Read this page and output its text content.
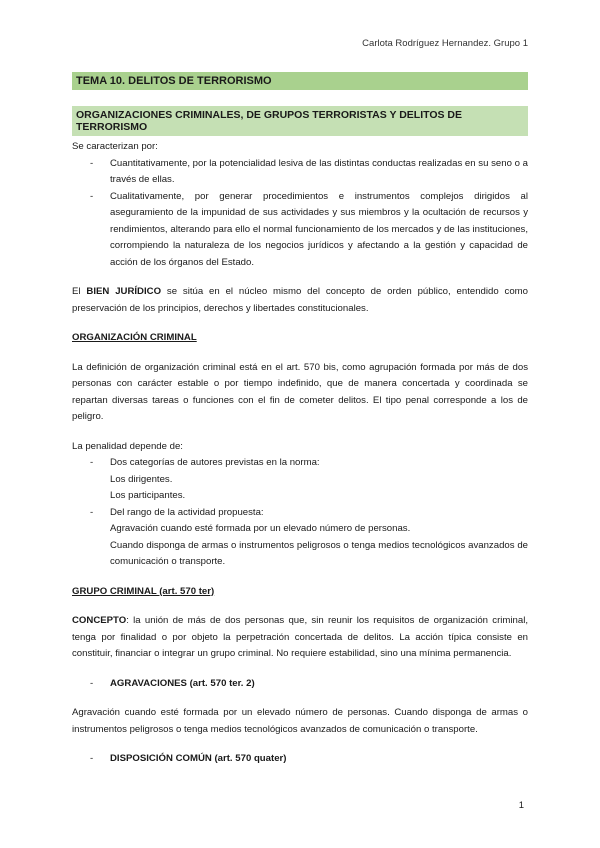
Carlota Rodríguez Hernandez. Grupo 1
TEMA 10. DELITOS DE TERRORISMO
ORGANIZACIONES CRIMINALES, DE GRUPOS TERRORISTAS Y DELITOS DE TERRORISMO

Se caracterizan por:

- Cuantitativamente, por la potencialidad lesiva de las distintas conductas realizadas en su seno o a través de ellas.
- Cualitativamente, por generar procedimientos e instrumentos complejos dirigidos al aseguramiento de la impunidad de sus actividades y sus miembros y la ocultación de recursos y rendimientos, alterando para ello el normal funcionamiento de los mercados y de las instituciones, corrompiendo la naturaleza de los negocios jurídicos y afectando a la gestión y capacidad de acción de los órganos del Estado.

El BIEN JURÍDICO se sitúa en el núcleo mismo del concepto de orden público, entendido como preservación de los principios, derechos y libertades constitucionales.

ORGANIZACIÓN CRIMINAL

La definición de organización criminal está en el art. 570 bis, como agrupación formada por más de dos personas con carácter estable o por tiempo indefinido, que de manera concertada y coordinada se repartan diversas tareas o funciones con el fin de cometer delitos. El tipo penal corresponde a los de peligro.

La penalidad depende de:

- Dos categorías de autores previstas en la norma:

Los dirigentes.

Los participantes.

- Del rango de la actividad propuesta:

Agravación cuando esté formada por un elevado número de personas.

Cuando disponga de armas o instrumentos peligrosos o tenga medios tecnológicos avanzados de comunicación o transporte.

GRUPO CRIMINAL (art. 570 ter)

CONCEPTO: la unión de más de dos personas que, sin reunir los requisitos de organización criminal, tenga por finalidad o por objeto la perpetración concertada de delitos. La acción típica consiste en constituir, financiar o integrar un grupo criminal. No requiere estabilidad, sino una mínima permanencia.

- AGRAVACIONES (art. 570 ter. 2)

Agravación cuando esté formada por un elevado número de personas. Cuando disponga de armas o instrumentos peligrosos o tenga medios tecnológicos avanzados de comunicación o transporte.

- DISPOSICIÓN COMÚN (art. 570 quater)
1
